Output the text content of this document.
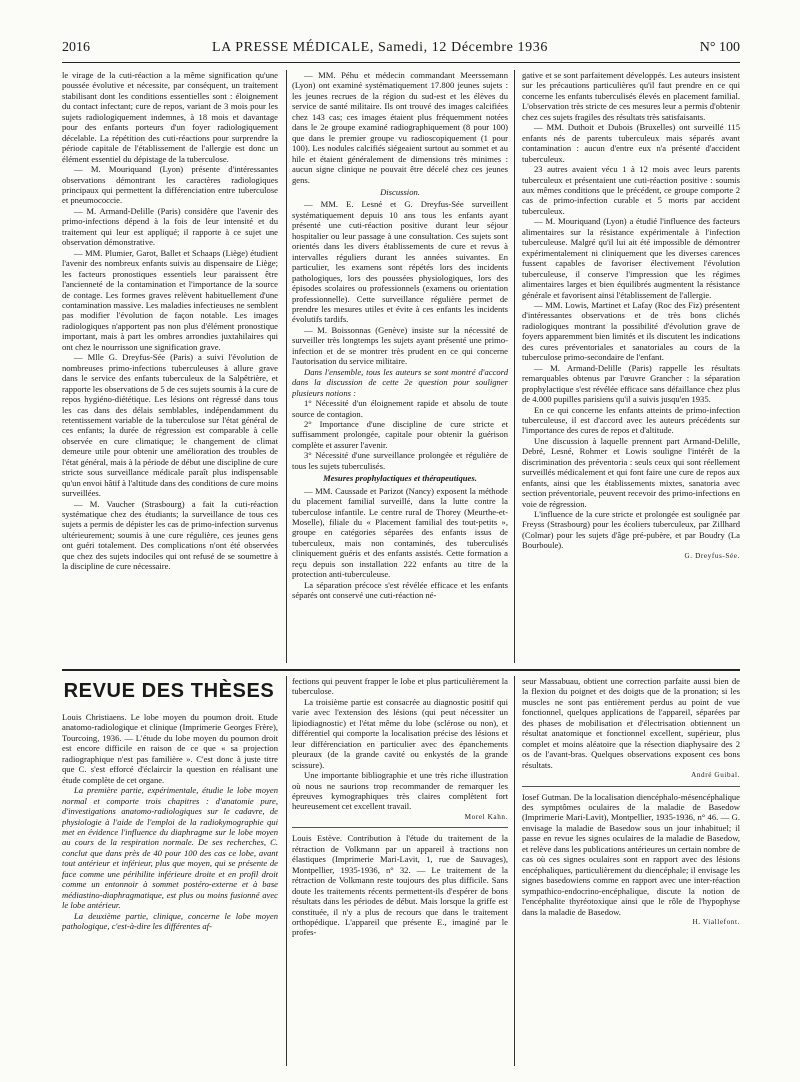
2016	LA PRESSE MÉDICALE, Samedi, 12 Décembre 1936	N° 100

le virage de la cuti-réaction a la même signification qu'une poussée évolutive et nécessite, par conséquent, un traitement stabilisant dont les conditions essentielles sont : éloignement du contact infectant; cure de repos, variant de 3 mois pour les sujets radiologiquement indemnes, à 18 mois et davantage pour des enfants porteurs d'un foyer radiologiquement décelable. La répétition des cuti-réactions pour surprendre la période capitale de l'établissement de l'allergie est donc un élément essentiel du dépistage de la tuberculose.

— M. Mouriquand (Lyon) présente d'intéressantes observations démontrant les caractères radiologiques principaux qui permettent la différenciation entre tuberculose et pneumococcie.

— M. Armand-Delille (Paris) considère que l'avenir des primo-infections dépend à la fois de leur intensité et du traitement qui leur est appliqué; il rapporte à ce sujet une observation démonstrative.

— MM. Plumier, Garot, Ballet et Schaaps (Liège) étudient l'avenir des nombreux enfants suivis au dispensaire de Liège; les facteurs pronostiques essentiels leur paraissent être l'ancienneté de la contamination et l'importance de la source de contage. Les formes graves relèvent habituellement d'une contamination massive. Les maladies infectieuses ne semblent pas modifier l'évolution de façon notable. Les images radiologiques n'apportent pas non plus d'élément pronostique important, mais à part les ombres arrondies juxtahilaires qui ont chez le nourrisson une signification grave.

— Mlle G. Dreyfus-Sée (Paris) a suivi l'évolution de nombreuses primo-infections tuberculeuses à allure grave dans le service des enfants tuberculeux de la Salpêtrière, et rapporte les observations de 5 de ces sujets soumis à la cure de repos hygiéno-diététique. Les lésions ont régressé dans tous les cas dans des délais semblables, indépendamment du retentissement variable de la tuberculose sur l'état général de ces enfants; la durée de régression est comparable à celle observée en cure climatique; le changement de climat demeure utile pour obtenir une amélioration des troubles de l'état général, mais à la période de début une discipline de cure stricte sous surveillance médicale paraît plus indispensable qu'un envoi hâtif à l'altitude dans des conditions de cure moins surveillées.

— M. Vaucher (Strasbourg) a fait la cuti-réaction systématique chez des étudiants; la surveillance de tous ces sujets a permis de dépister les cas de primo-infection survenus ultérieurement; soumis à une cure régulière, ces jeunes gens ont guéri totalement. Des complications n'ont été observées que chez des sujets indociles qui ont refusé de se soumettre à la discipline de cure nécessaire.

— MM. Péhu et médecin commandant Meerssemann (Lyon) ont examiné systématiquement 17.800 jeunes sujets : les jeunes recrues de la région du sud-est et les élèves du service de santé militaire. Ils ont trouvé des images calcifiées chez 143 cas; ces images étaient plus fréquemment notées dans le 2e groupe examiné radiographiquement (8 pour 100) que dans le premier groupe vu radioscopiquement (1 pour 100). Les nodules calcifiés siégeaient surtout au sommet et au hile et étaient généralement de dimensions très minimes : aucun signe clinique ne pouvait être décelé chez ces jeunes gens.

Discussion.

— MM. E. Lesné et G. Dreyfus-Sée surveillent systématiquement depuis 10 ans tous les enfants ayant présenté une cuti-réaction positive durant leur séjour hospitalier ou leur passage à une consultation. Ces sujets sont orientés dans les divers établissements de cure et revus à intervalles réguliers durant les années suivantes. En particulier, les examens sont répétés lors des incidents pathologiques, lors des poussées physiologiques, lors des épisodes scolaires ou professionnels (examens ou orientation professionnelle). Cette surveillance régulière permet de prendre les mesures utiles et évite à ces enfants les incidents évolutifs tardifs.

— M. Boissonnas (Genève) insiste sur la nécessité de surveiller très longtemps les sujets ayant présenté une primo-infection et de se montrer très prudent en ce qui concerne l'autorisation du service militaire.

Dans l'ensemble, tous les auteurs se sont montré d'accord dans la discussion de cette 2e question pour souligner plusieurs notions :

1° Nécessité d'un éloignement rapide et absolu de toute source de contagion.

2° Importance d'une discipline de cure stricte et suffisamment prolongée, capitale pour obtenir la guérison complète et assurer l'avenir.

3° Nécessité d'une surveillance prolongée et régulière de tous les sujets tuberculisés.

Mesures prophylactiques et thérapeutiques.

— MM. Caussade et Parizot (Nancy) exposent la méthode du placement familial surveillé, dans la lutte contre la tuberculose infantile. Le centre rural de Thorey (Meurthe-et-Moselle), filiale du « Placement familial des tout-petits », groupe en catégories séparées des enfants issus de tuberculeux, mais non contaminés, des tuberculisés cliniquement guéris et des enfants assistés. Cette formation a reçu depuis son installation 222 enfants au titre de la protection anti-tuberculeuse.

La séparation précoce s'est révélée efficace et les enfants séparés ont conservé une cuti-réaction né-

gative et se sont parfaitement développés. Les auteurs insistent sur les précautions particulières qu'il faut prendre en ce qui concerne les enfants tuberculisés élevés en placement familial. L'observation très stricte de ces mesures leur a permis d'obtenir chez ces sujets fragiles des résultats très satisfaisants.

— MM. Duthoit et Dubois (Bruxelles) ont surveillé 115 enfants nés de parents tuberculeux mais séparés avant contamination : aucun d'entre eux n'a présenté d'accident tuberculeux.

23 autres avaient vécu 1 à 12 mois avec leurs parents tuberculeux et présentaient une cuti-réaction positive : soumis aux mêmes conditions que le précédent, ce groupe comporte 2 cas de primo-infection curable et 5 morts par accident tuberculeux.

— M. Mouriquand (Lyon) a étudié l'influence des facteurs alimentaires sur la résistance expérimentale à l'infection tuberculeuse. Malgré qu'il lui ait été impossible de démontrer expérimentalement ni cliniquement que les diverses carences fussent capables de favoriser électivement l'évolution tuberculeuse, il conserve l'impression que les régimes alimentaires larges et bien équilibrés augmentent la résistance générale et favorisent ainsi l'établissement de l'allergie.

— MM. Lowis, Martinet et Lafay (Roc des Fiz) présentent d'intéressantes observations et de très bons clichés radiologiques montrant la possibilité d'évolution grave de foyers apparemment bien limités et ils discutent les indications des cures préventoriales et sanatoriales au cours de la tuberculose primo-secondaire de l'enfant.

— M. Armand-Delille (Paris) rappelle les résultats remarquables obtenus par l'œuvre Grancher : la séparation prophylactique s'est révélée efficace sans défaillance chez plus de 4.000 pupilles parisiens qu'il a suivis jusqu'en 1935.

En ce qui concerne les enfants atteints de primo-infection tuberculeuse, il est d'accord avec les auteurs précédents sur l'importance des cures de repos et d'altitude.

Une discussion à laquelle prennent part Armand-Delille, Debré, Lesné, Rohmer et Lowis souligne l'intérêt de la discrimination des préventoria : seuls ceux qui sont réellement surveillés médicalement et qui font faire une cure de repos aux enfants, ainsi que les établissements mixtes, sanatoria avec section préventoriale, peuvent recevoir des primo-infections en voie de régression.

L'influence de la cure stricte et prolongée est soulignée par Freyss (Strasbourg) pour les écoliers tuberculeux, par Zillhard (Colmar) pour les sujets d'âge pré-pubère, et par Boudry (La Bourboule).

G. Dreyfus-Sée.

REVUE DES THÈSES

Louis Christiaens. Le lobe moyen du poumon droit. Etude anatomo-radiologique et clinique (Imprimerie Georges Frère), Tourcoing, 1936. — L'étude du lobe moyen du poumon droit est encore difficile en raison de ce que « sa projection radiographique n'est pas familière ». C'est donc à juste titre que C. s'est efforcé d'éclaircir la question en réalisant une étude complète de cet organe.

La première partie, expérimentale, étudie le lobe moyen normal et comporte trois chapitres : d'anatomie pure, d'investigations anatomo-radiologiques sur le cadavre, de physiologie à l'aide de l'emploi de la radiokymographie qui met en évidence l'influence du diaphragme sur le lobe moyen au cours de la respiration normale. De ses recherches, C. conclut que dans près de 40 pour 100 des cas ce lobe, avant tout antérieur et inférieur, plus que moyen, qui se présente de face comme une périhilite inférieure droite et en profil droit comme un entonnoir à sommet postéro-externe et à base médiastino-diaphragmatique, est plus ou moins fusionné avec le lobe antérieur.

La deuxième partie, clinique, concerne le lobe moyen pathologique, c'est-à-dire les différentes af-

fections qui peuvent frapper le lobe et plus particulièrement la tuberculose.

La troisième partie est consacrée au diagnostic positif qui varie avec l'extension des lésions (qui peut nécessiter un lipiodiagnostic) et l'état même du lobe (sclérose ou non), et différentiel qui comporte la localisation précise des lésions et leur différenciation en particulier avec des épanchements pleuraux (de la grande cavité ou enkystés de la grande scissure).

Une importante bibliographie et une très riche illustration où nous ne saurions trop recommander de remarquer les épreuves kymographiques très claires complètent fort heureusement cet excellent travail.

Morel Kahn.

Louis Estève. Contribution à l'étude du traitement de la rétraction de Volkmann par un appareil à tractions non élastiques (Imprimerie Mari-Lavit, 1, rue de Sauvages), Montpellier, 1935-1936, n° 32. — Le traitement de la rétraction de Volkmann reste toujours des plus difficile. Sans doute les traitements récents permettent-ils d'espérer de bons résultats dans les périodes de début. Mais lorsque la griffe est constituée, il n'y a plus de recours que dans le traitement orthopédique. L'appareil que présente E., imaginé par le profes-

seur Massabuau, obtient une correction parfaite aussi bien de la flexion du poignet et des doigts que de la pronation; si les muscles ne sont pas entièrement perdus au point de vue fonctionnel, quelques applications de l'appareil, séparées par des phases de mobilisation et d'électrisation obtiennent un résultat anatomique et fonctionnel excellent, supérieur, plus complet et moins aléatoire que la résection diaphysaire des 2 os de l'avant-bras. Quelques observations exposent ces bons résultats.

André Guibal.

Iosef Gutman. De la localisation diencéphalo-mésencéphalique des symptômes oculaires de la maladie de Basedow (Imprimerie Mari-Lavit), Montpellier, 1935-1936, n° 46. — G. envisage la maladie de Basedow sous un jour inhabituel; il passe en revue les signes oculaires de la maladie de Basedow, et relève dans les publications antérieures un certain nombre de cas où ces signes oculaires sont en rapport avec des lésions encéphaliques, particulièrement du diencéphale; il envisage les signes basedowiens comme en rapport avec une inter-réaction sympathico-endocrino-encéphalique, discute la notion de l'encéphalite thyréotoxique ainsi que le rôle de l'hypophyse dans la maladie de Basedow.

H. Viallefont.
